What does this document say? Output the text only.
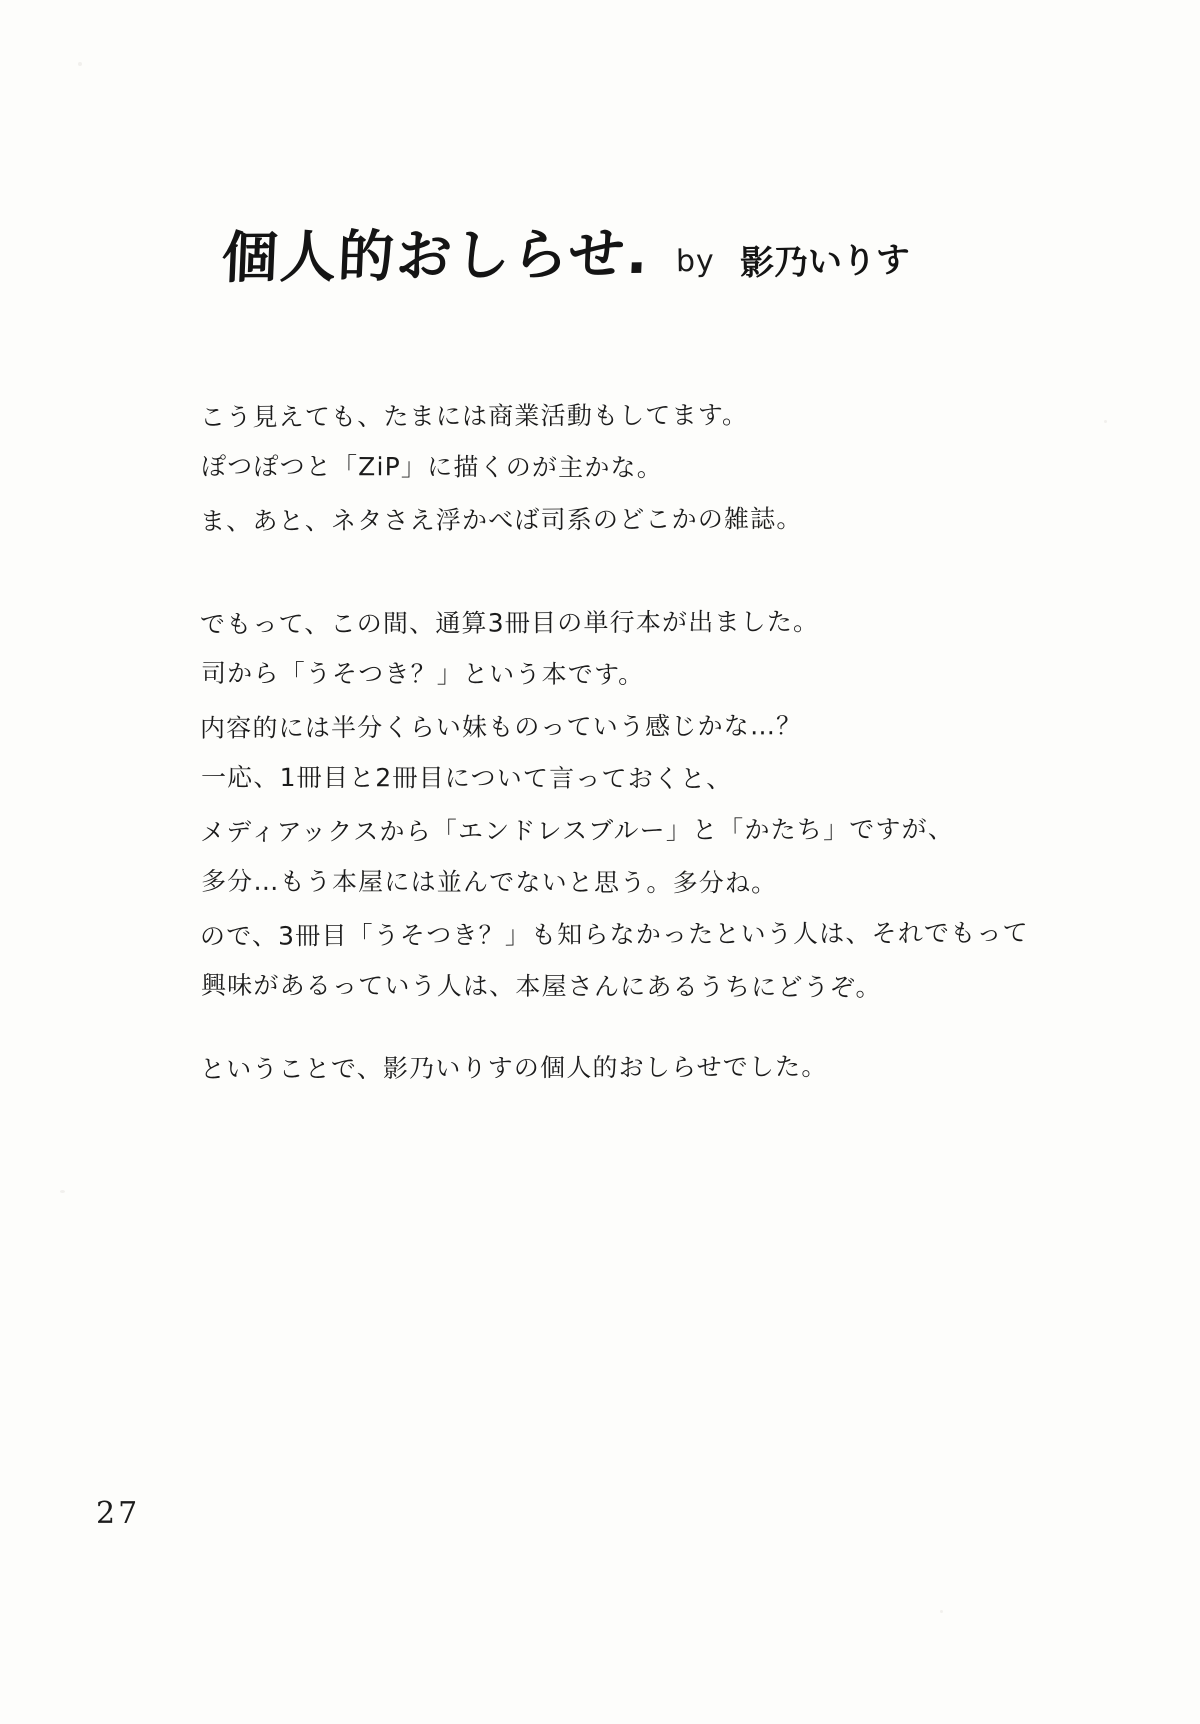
個人的おしらせ. by 影乃いりす
こう見えても、たまには商業活動もしてます。
ぽつぽつと「ZiP」に描くのが主かな。
ま、あと、ネタさえ浮かべば司系のどこかの雑誌。
でもって、この間、通算3冊目の単行本が出ました。
司から「うそつき？」という本です。
内容的には半分くらい妹ものっていう感じかな…？
一応、1冊目と2冊目について言っておくと、
メディアックスから「エンドレスブルー」と「かたち」ですが、
多分…もう本屋には並んでないと思う。多分ね。
ので、3冊目「うそつき？」も知らなかったという人は、それでもって
興味があるっていう人は、本屋さんにあるうちにどうぞ。
ということで、影乃いりすの個人的おしらせでした。
27
